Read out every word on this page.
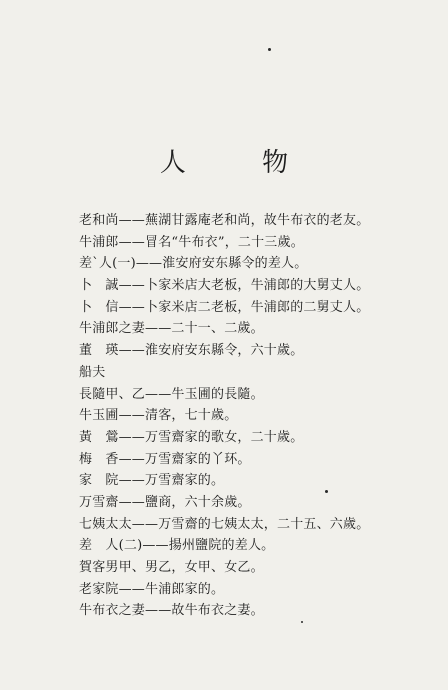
人 物
老和尚——蕪湖甘露庵老和尚，故牛布衣的老友。
牛浦郎——冒名“牛布衣”，二十三歲。
差`人(一)——淮安府安东縣令的差人。
卜　誠——卜家米店大老板，牛浦郎的大舅丈人。
卜　信——卜家米店二老板，牛浦郎的二舅丈人。
牛浦郎之妻——二十一、二歲。
董　瑛——淮安府安东縣令，六十歲。
船夫
長隨甲、乙——牛玉圃的長隨。
牛玉圃——清客，七十歲。
黃　鶯——万雪齋家的歌女，二十歲。
梅　香——万雪齋家的丫环。
家　院——万雪齋家的。
万雪齋——鹽商，六十余歲。
七姨太太——万雪齋的七姨太太，二十五、六歲。
差　人(二)——揚州鹽院的差人。
賀客男甲、男乙，女甲、女乙。
老家院——牛浦郎家的。
牛布衣之妻——故牛布衣之妻。
